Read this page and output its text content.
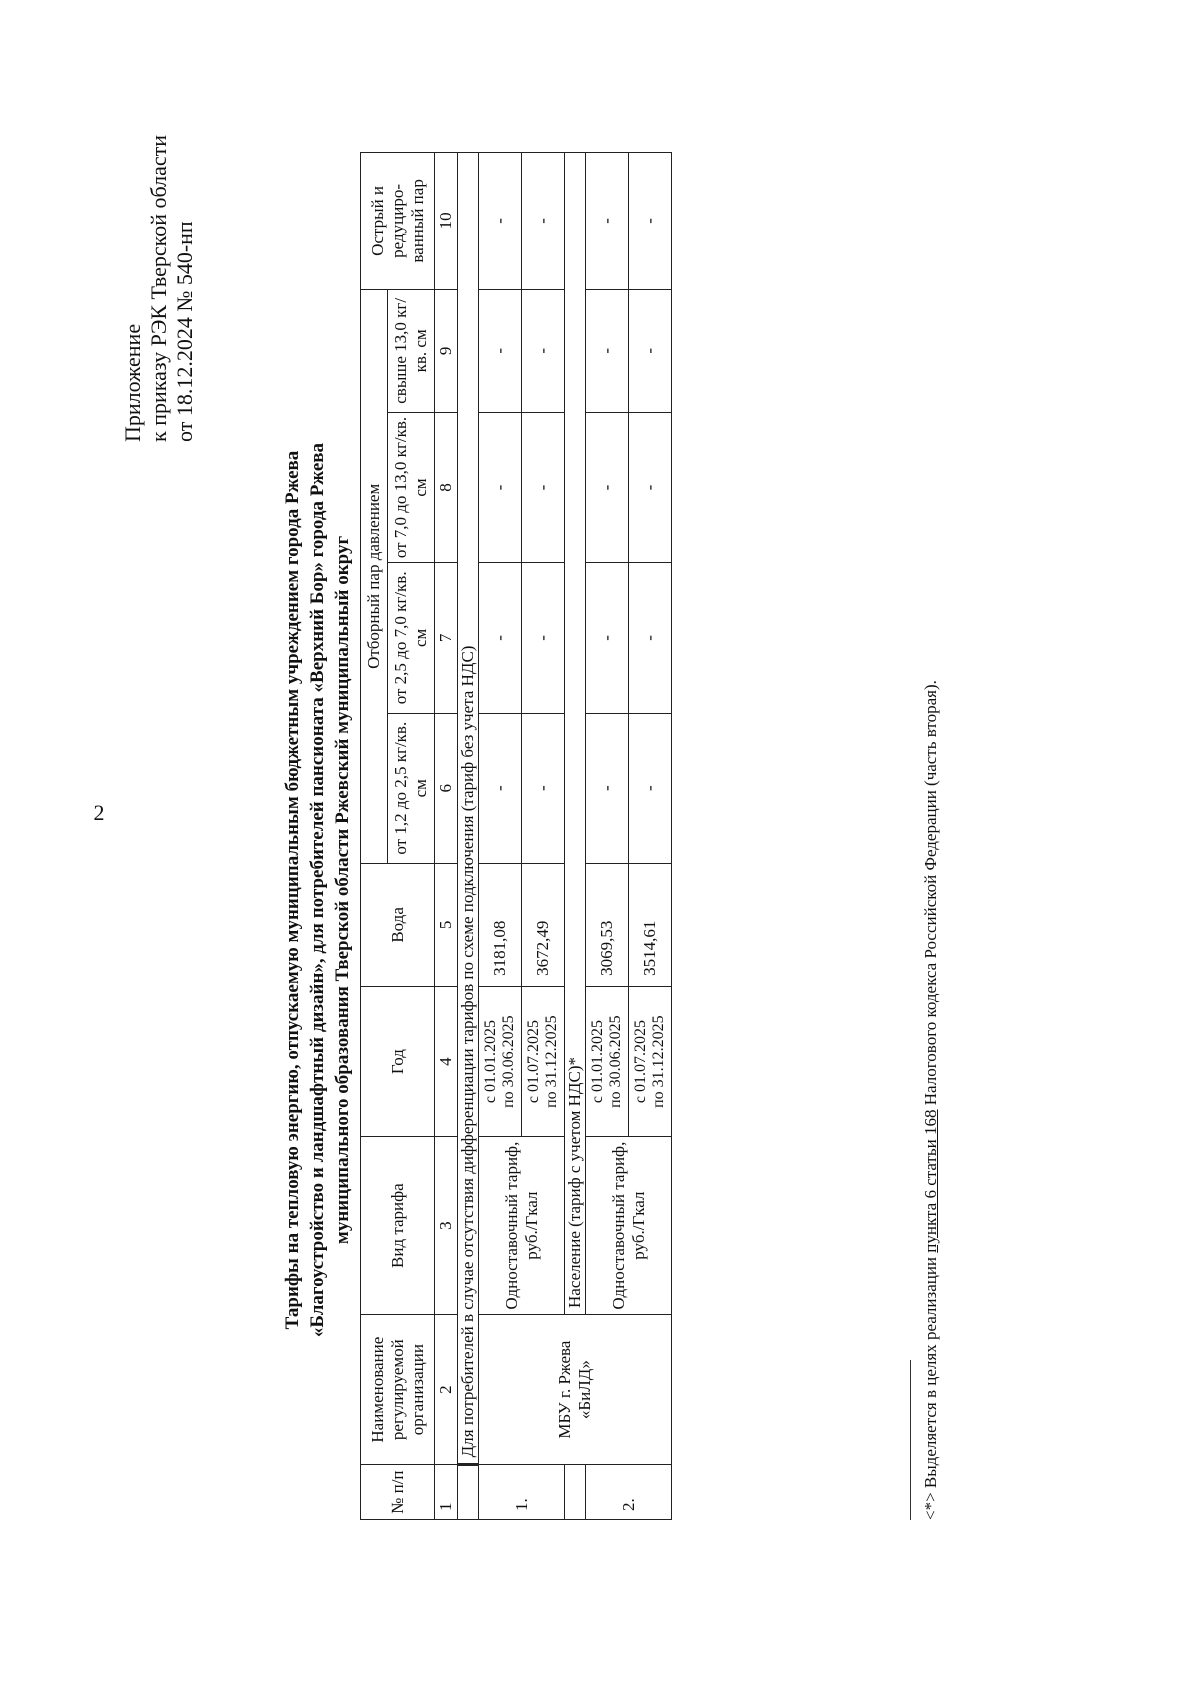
2
Приложение к приказу РЭК Тверской области от 18.12.2024 № 540-нп
Тарифы на тепловую энергию, отпускаемую муниципальным бюджетным учреждением города Ржева «Благоустройство и ландшафтный дизайн», для потребителей пансионата «Верхний Бор» города Ржева муниципального образования Тверской области Ржевский муниципальный округ
№ п/п	Наименование регулируемой организации	Вид тарифа	Год	Вода	Отборный пар давлением				Острый и редуциро-ванный пар
					от 1,2 до 2,5 кг/кв. см	от 2,5 до 7,0 кг/кв. см	от 7,0 до 13,0 кг/кв. см	свыше 13,0 кг/кв. см	
1	2	3	4	5	6	7	8	9	10
	Для потребителей в случае отсутствия дифференциации тарифов по схеме подключения (тариф без учета НДС)								
1.	МБУ г. Ржева «БиЛД»	Одноставочный тариф, руб./Гкал	с 01.01.2025 по 30.06.2025	3181,08	-	-	-	-	-

			с 01.07.2025 по 31.12.2025	3672,49	-	-	-	-	-
		Население (тариф с учетом НДС)*							
2.		Одноставочный тариф, руб./Гкал	с 01.01.2025 по 30.06.2025	3069,53	-	-	-	-	-

			с 01.07.2025 по 31.12.2025	3514,61	-	-	-	-	-
<*> Выделяется в целях реализации пункта 6 статьи 168 Налогового кодекса Российской Федерации (часть вторая).
